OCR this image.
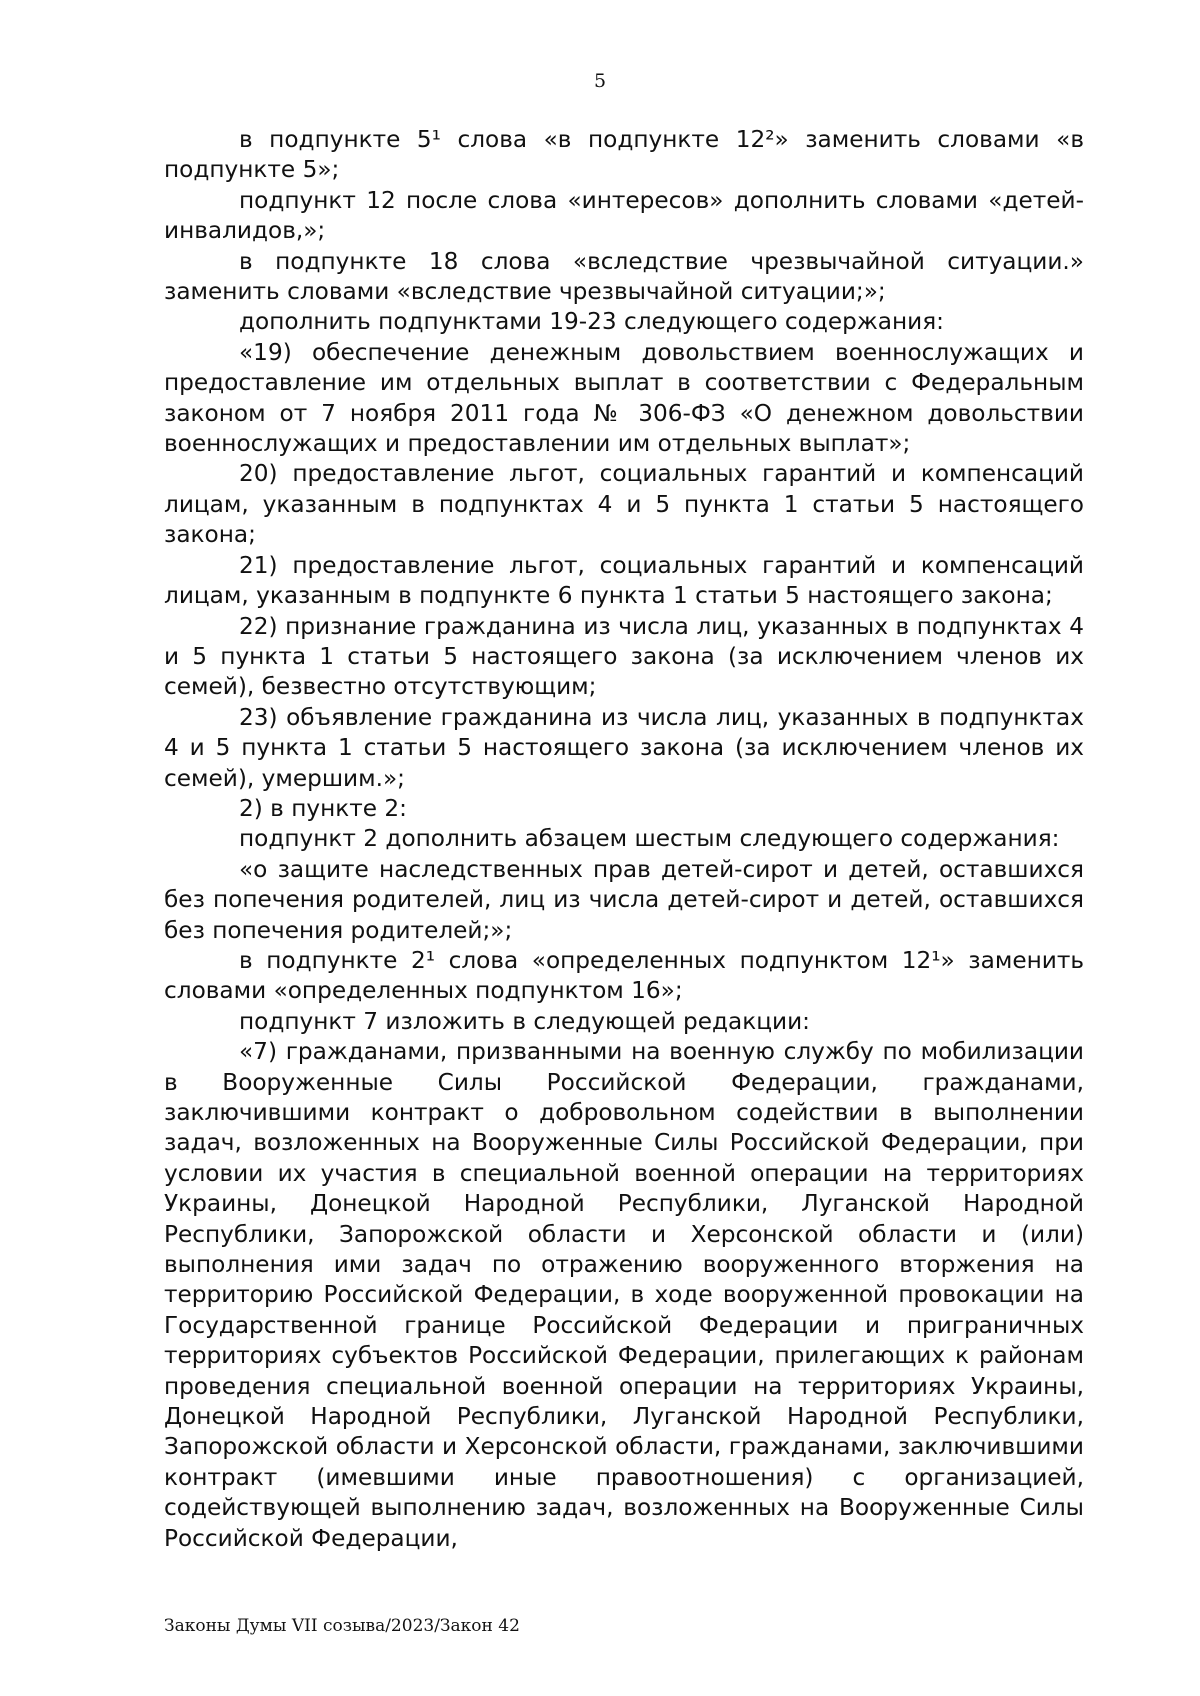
5

в подпункте 5¹ слова «в подпункте 12²» заменить словами «в подпункте 5»;

подпункт 12 после слова «интересов» дополнить словами «детей-инвалидов,»;

в подпункте 18 слова «вследствие чрезвычайной ситуации.» заменить словами «вследствие чрезвычайной ситуации;»;

дополнить подпунктами 19-23 следующего содержания:

«19) обеспечение денежным довольствием военнослужащих и предоставление им отдельных выплат в соответствии с Федеральным законом от 7 ноября 2011 года № 306-ФЗ «О денежном довольствии военнослужащих и предоставлении им отдельных выплат»;

20) предоставление льгот, социальных гарантий и компенсаций лицам, указанным в подпунктах 4 и 5 пункта 1 статьи 5 настоящего закона;

21) предоставление льгот, социальных гарантий и компенсаций лицам, указанным в подпункте 6 пункта 1 статьи 5 настоящего закона;

22) признание гражданина из числа лиц, указанных в подпунктах 4 и 5 пункта 1 статьи 5 настоящего закона (за исключением членов их семей), безвестно отсутствующим;

23) объявление гражданина из числа лиц, указанных в подпунктах 4 и 5 пункта 1 статьи 5 настоящего закона (за исключением членов их семей), умершим.»;

2) в пункте 2:

подпункт 2 дополнить абзацем шестым следующего содержания:

«о защите наследственных прав детей-сирот и детей, оставшихся без попечения родителей, лиц из числа детей-сирот и детей, оставшихся без попечения родителей;»;

в подпункте 2¹ слова «определенных подпунктом 12¹» заменить словами «определенных подпунктом 16»;

подпункт 7 изложить в следующей редакции:

«7) гражданами, призванными на военную службу по мобилизации в Вооруженные Силы Российской Федерации, гражданами, заключившими контракт о добровольном содействии в выполнении задач, возложенных на Вооруженные Силы Российской Федерации, при условии их участия в специальной военной операции на территориях Украины, Донецкой Народной Республики, Луганской Народной Республики, Запорожской области и Херсонской области и (или) выполнения ими задач по отражению вооруженного вторжения на территорию Российской Федерации, в ходе вооруженной провокации на Государственной границе Российской Федерации и приграничных территориях субъектов Российской Федерации, прилегающих к районам проведения специальной военной операции на территориях Украины, Донецкой Народной Республики, Луганской Народной Республики, Запорожской области и Херсонской области, гражданами, заключившими контракт (имевшими иные правоотношения) с организацией, содействующей выполнению задач, возложенных на Вооруженные Силы Российской Федерации,

Законы Думы VII созыва/2023/Закон 42
